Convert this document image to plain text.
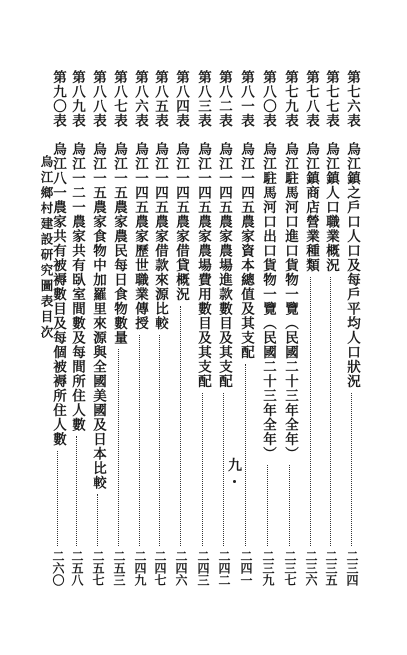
第七六表
烏江鎮之戶口人口及每戶平均人口狀況
二三四
第七七表
烏江鎮人口職業概況
二三五
第七八表
烏江鎮商店營業種類
二三六
第七九表
烏江駐馬河口進口貨物一覽（民國二十三年全年）
二三七
第八〇表
烏江駐馬河口出口貨物一覽（民國二十三年全年）
二三九
第八一表
烏江一四五農家資本總值及其支配
二四一
第八二表
烏江一四五農家農場進款數目及其支配
二四二
第八三表
烏江一四五農家農場費用數目及其支配
二四三
第八四表
烏江一四五農家借貸概況
二四六
第八五表
烏江一四五農家借款來源比較
二四七
第八六表
烏江一四五農家歷世職業傳授
二四九
第八七表
烏江一五農家農民每日食物數量
二五三
第八八表
烏江一五農家食物中加羅里來源與全國美國及日本比較
二五七
第八九表
烏江一二一農家共有臥室間數及每間所住人數
二五八
第九〇表
烏江八一農家共有被褥數目及每個被褥所住人數
二六〇
烏江鄉村建設研究圖表目次
九
